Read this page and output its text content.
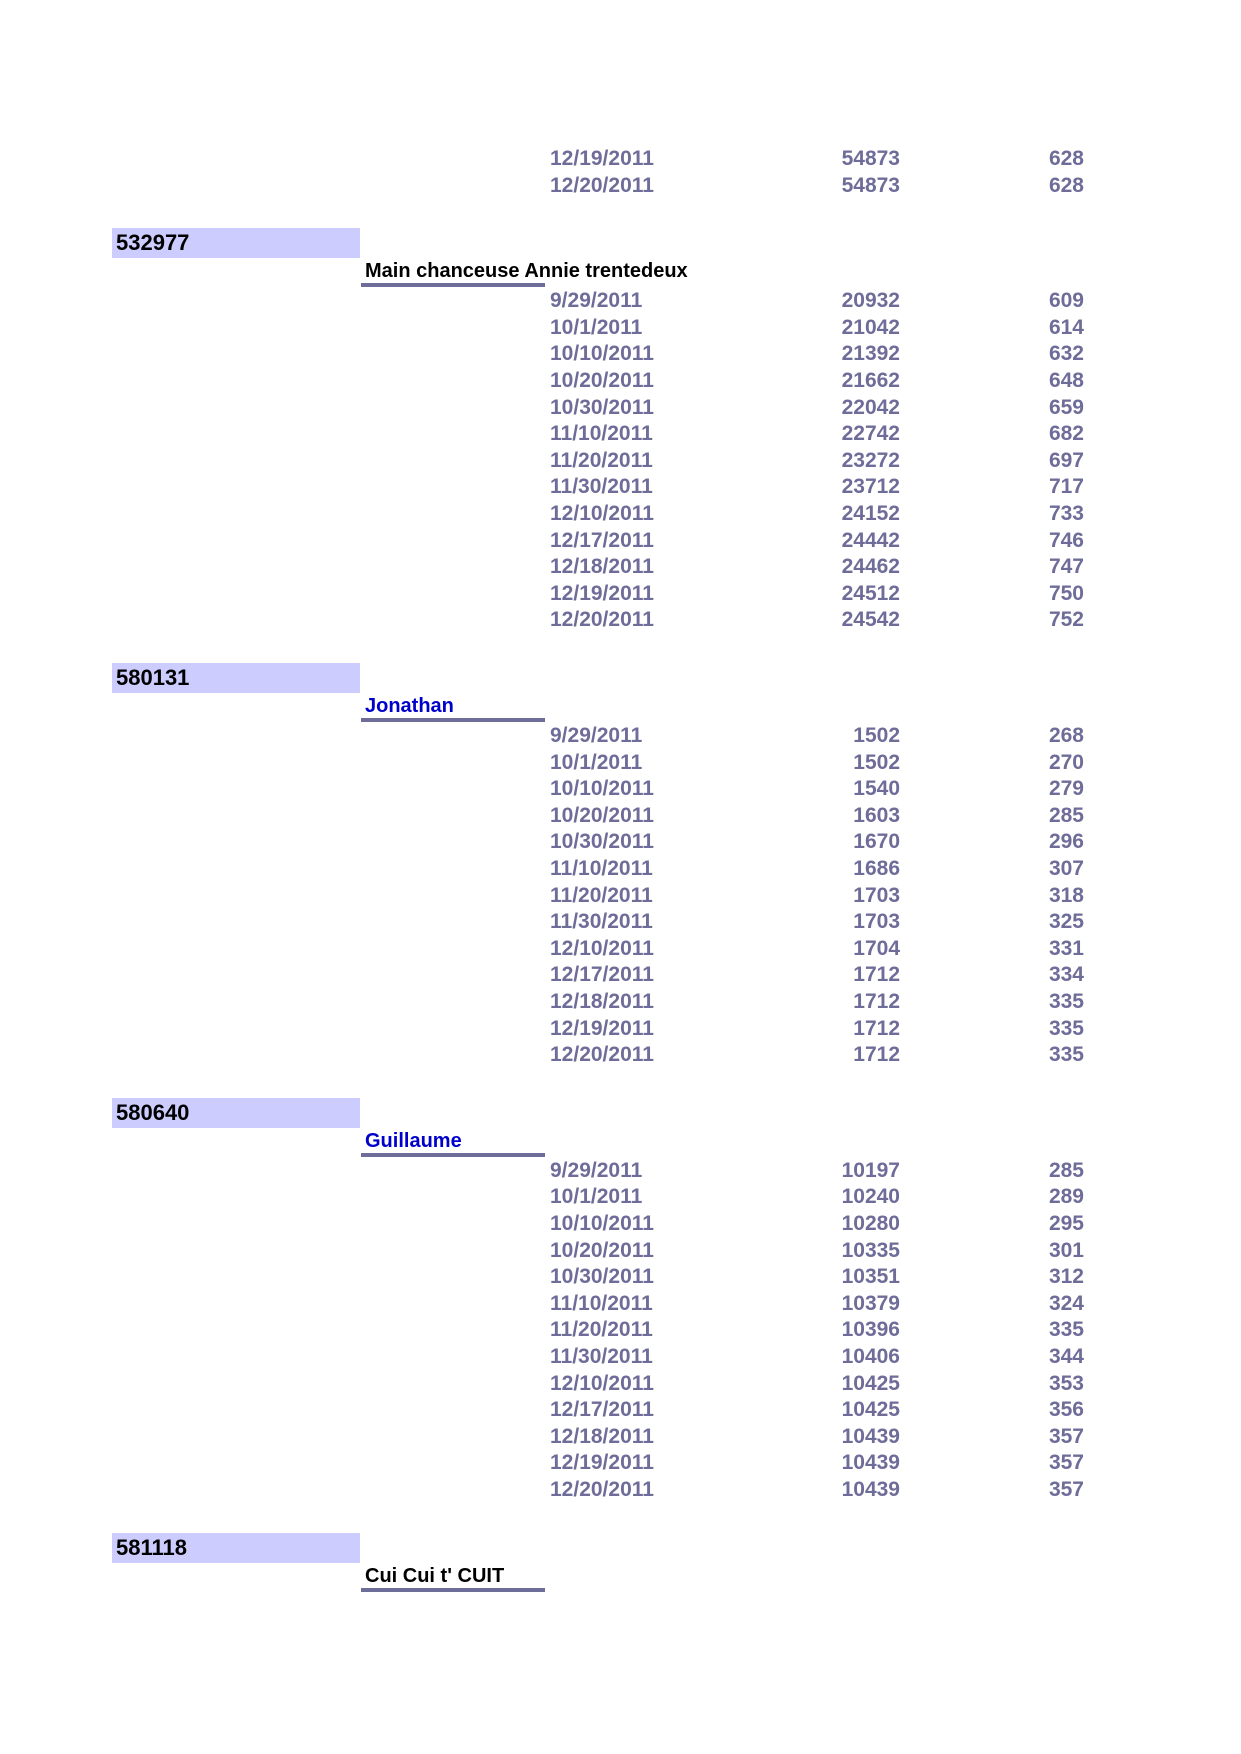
12/19/2011	54873	628
12/20/2011	54873	628
532977
Main chanceuse Annie trentedeux
9/29/2011	20932	609
10/1/2011	21042	614
10/10/2011	21392	632
10/20/2011	21662	648
10/30/2011	22042	659
11/10/2011	22742	682
11/20/2011	23272	697
11/30/2011	23712	717
12/10/2011	24152	733
12/17/2011	24442	746
12/18/2011	24462	747
12/19/2011	24512	750
12/20/2011	24542	752
580131
Jonathan
9/29/2011	1502	268
10/1/2011	1502	270
10/10/2011	1540	279
10/20/2011	1603	285
10/30/2011	1670	296
11/10/2011	1686	307
11/20/2011	1703	318
11/30/2011	1703	325
12/10/2011	1704	331
12/17/2011	1712	334
12/18/2011	1712	335
12/19/2011	1712	335
12/20/2011	1712	335
580640
Guillaume
9/29/2011	10197	285
10/1/2011	10240	289
10/10/2011	10280	295
10/20/2011	10335	301
10/30/2011	10351	312
11/10/2011	10379	324
11/20/2011	10396	335
11/30/2011	10406	344
12/10/2011	10425	353
12/17/2011	10425	356
12/18/2011	10439	357
12/19/2011	10439	357
12/20/2011	10439	357
581118
Cui Cui t' CUIT
